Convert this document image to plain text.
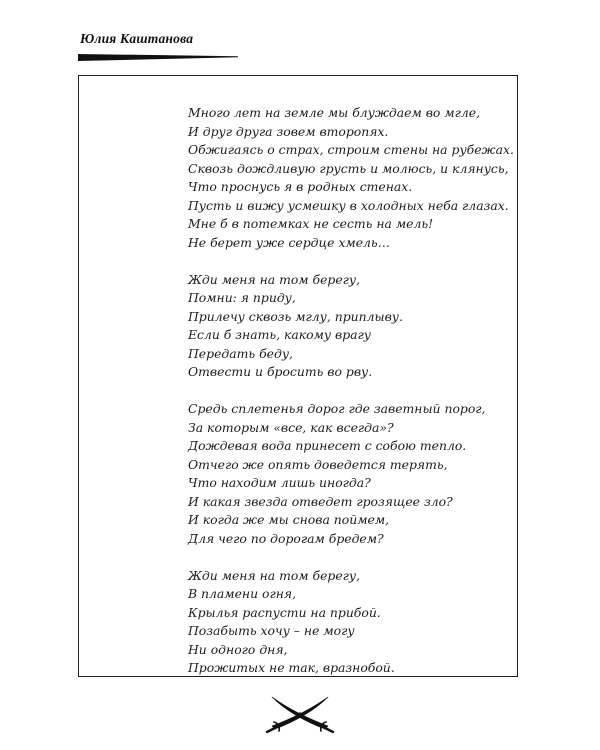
Юлия Каштанова
Много лет на земле мы блуждаем во мгле,
И друг друга зовем второпях.
Обжигаясь о страх, строим стены на рубежах.
Сквозь дождливую грусть и молюсь, и клянусь,
Что проснусь я в родных стенах.
Пусть и вижу усмешку в холодных неба глазах.
Мне б в потемках не сесть на мель!
Не берет уже сердце хмель…
Жди меня на том берегу,
Помни: я приду,
Прилечу сквозь мглу, приплыву.
Если б знать, какому врагу
Передать беду,
Отвести и бросить во рву.
Средь сплетенья дорог где заветный порог,
За которым «все, как всегда»?
Дождевая вода принесет с собою тепло.
Отчего же опять доведется терять,
Что находим лишь иногда?
И какая звезда отведет грозящее зло?
И когда же мы снова поймем,
Для чего по дорогам бредем?
Жди меня на том берегу,
В пламени огня,
Крылья распусти на прибой.
Позабыть хочу – не могу
Ни одного дня,
Прожитых не так, вразнобой.
